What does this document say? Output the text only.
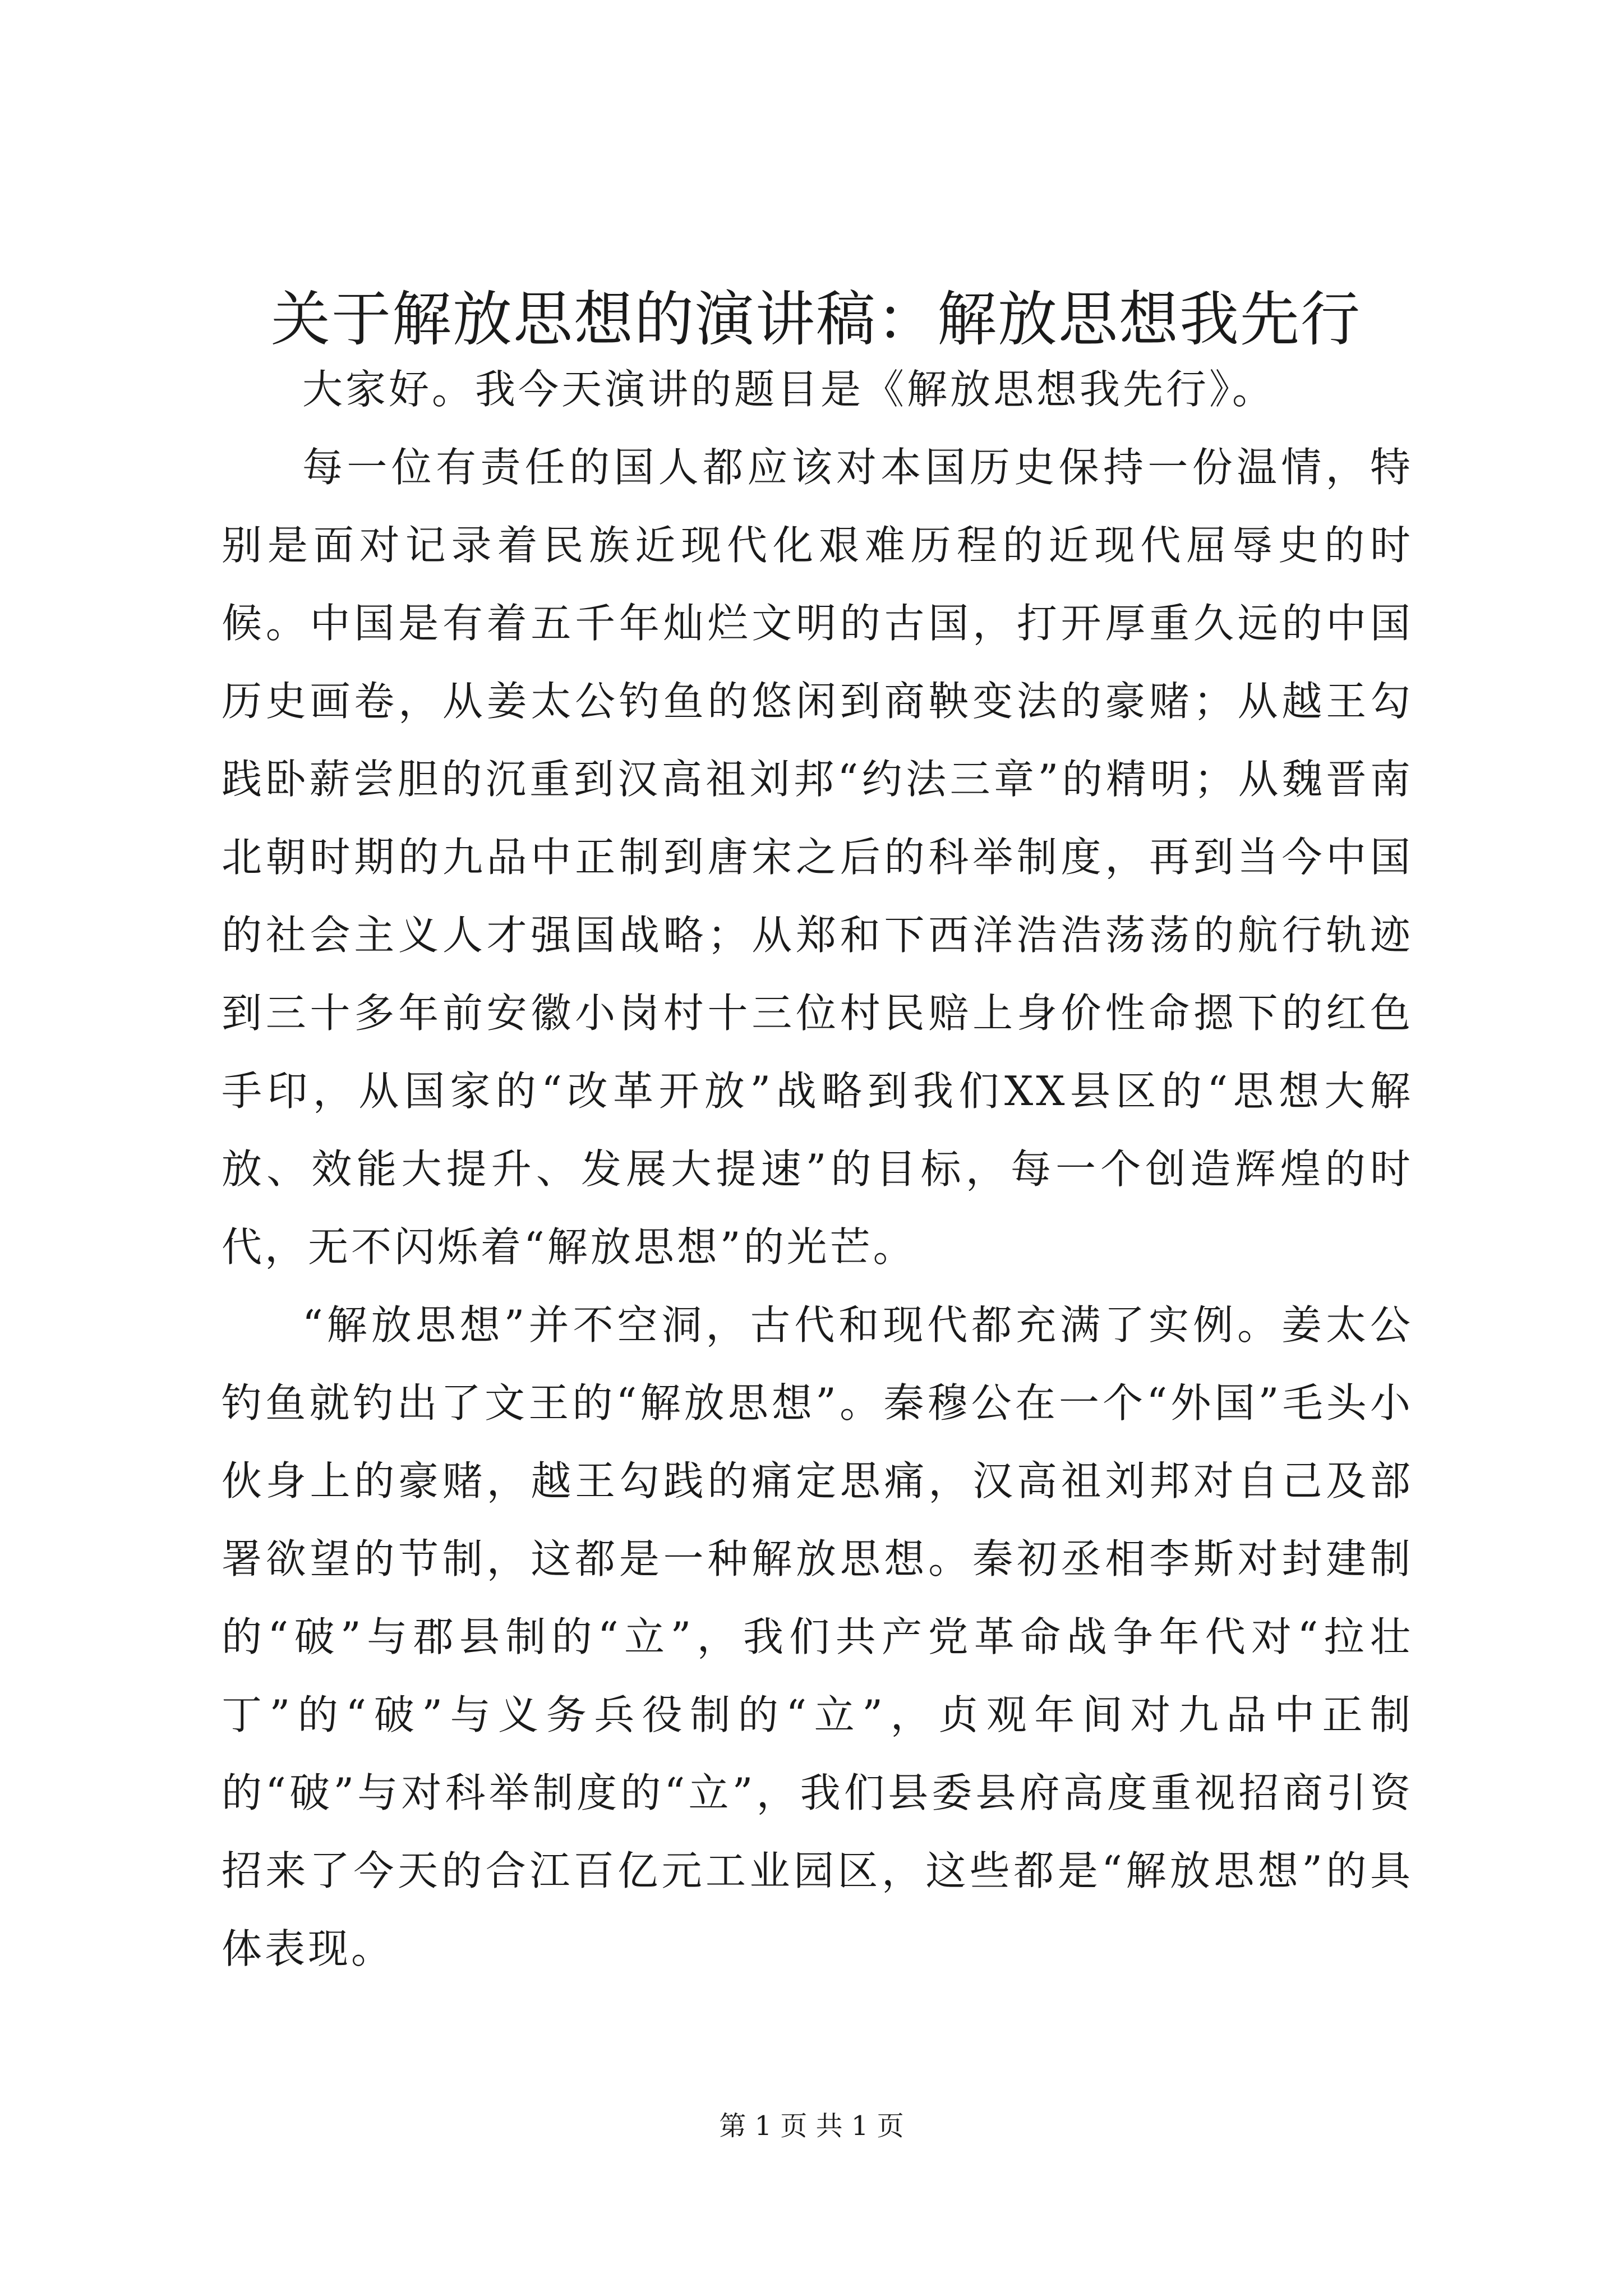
关于解放思想的演讲稿：解放思想我先行

大家好。我今天演讲的题目是《解放思想我先行》。

每一位有责任的国人都应该对本国历史保持一份温情，特别是面对记录着民族近现代化艰难历程的近现代屈辱史的时候。中国是有着五千年灿烂文明的古国，打开厚重久远的中国历史画卷，从姜太公钓鱼的悠闲到商鞅变法的豪赌；从越王勾践卧薪尝胆的沉重到汉高祖刘邦“约法三章”的精明；从魏晋南北朝时期的九品中正制到唐宋之后的科举制度，再到当今中国的社会主义人才强国战略；从郑和下西洋浩浩荡荡的航行轨迹到三十多年前安徽小岗村十三位村民赔上身价性命摁下的红色手印，从国家的“改革开放”战略到我们XX县区的“思想大解放、效能大提升、发展大提速”的目标，每一个创造辉煌的时代，无不闪烁着“解放思想”的光芒。

“解放思想”并不空洞，古代和现代都充满了实例。姜太公钓鱼就钓出了文王的“解放思想”。秦穆公在一个“外国”毛头小伙身上的豪赌，越王勾践的痛定思痛，汉高祖刘邦对自己及部署欲望的节制，这都是一种解放思想。秦初丞相李斯对封建制的“破”与郡县制的“立”，我们共产党革命战争年代对“拉壮丁”的“破”与义务兵役制的“立”，贞观年间对九品中正制的“破”与对科举制度的“立”，我们县委县府高度重视招商引资招来了今天的合江百亿元工业园区，这些都是“解放思想”的具体表现。

第 1 页 共 1 页
